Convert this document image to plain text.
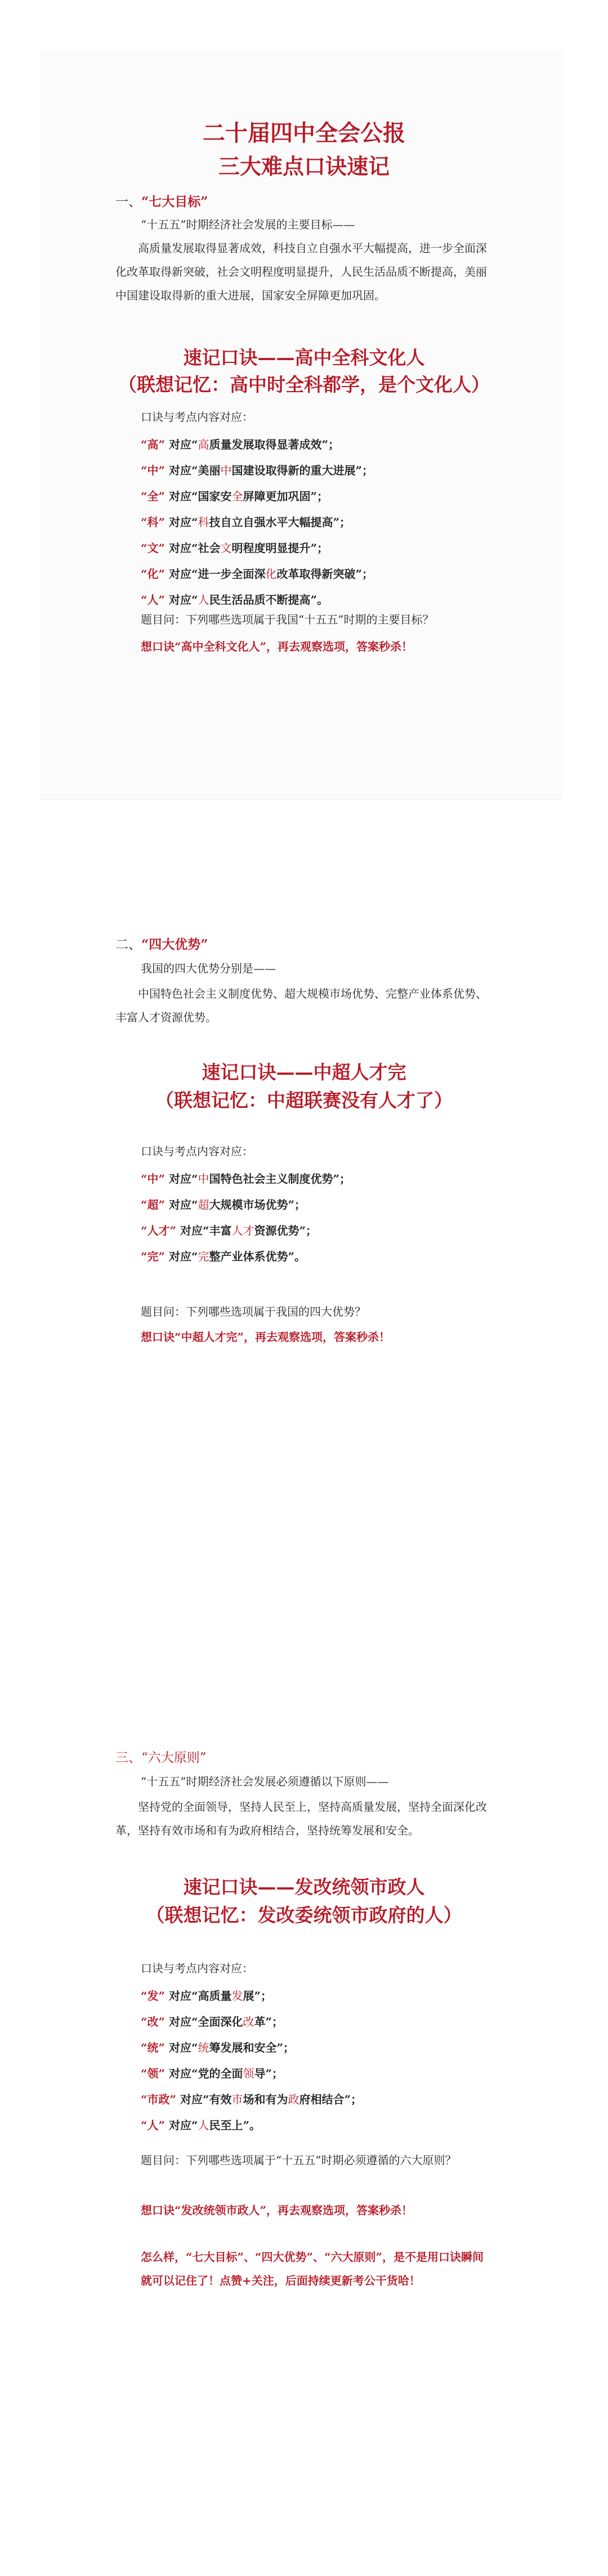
二十届四中全会公报
三大难点口诀速记
一、“七大目标”
“十五五”时期经济社会发展的主要目标——
高质量发展取得显著成效，科技自立自强水平大幅提高，进一步全面深化改革取得新突破，社会文明程度明显提升，人民生活品质不断提高，美丽中国建设取得新的重大进展，国家安全屏障更加巩固。
速记口诀——高中全科文化人
（联想记忆：高中时全科都学，是个文化人）
口诀与考点内容对应：
“高” 对应“高质量发展取得显著成效”；
“中” 对应“美丽中国建设取得新的重大进展”；
“全” 对应“国家安全屏障更加巩固”；
“科” 对应“科技自立自强水平大幅提高”；
“文” 对应“社会文明程度明显提升”；
“化” 对应“进一步全面深化改革取得新突破”；
“人” 对应“人民生活品质不断提高”。
题目问：下列哪些选项属于我国“十五五”时期的主要目标？
想口诀“高中全科文化人”，再去观察选项，答案秒杀！
二、“四大优势”
我国的四大优势分别是——
中国特色社会主义制度优势、超大规模市场优势、完整产业体系优势、丰富人才资源优势。
速记口诀——中超人才完
（联想记忆：中超联赛没有人才了）
口诀与考点内容对应：
“中” 对应“中国特色社会主义制度优势”；
“超” 对应“超大规模市场优势”；
“人才” 对应“丰富人才资源优势”；
“完” 对应“完整产业体系优势”。
题目问：下列哪些选项属于我国的四大优势？
想口诀“中超人才完”，再去观察选项，答案秒杀！
三、“六大原则”
“十五五”时期经济社会发展必须遵循以下原则——
坚持党的全面领导，坚持人民至上，坚持高质量发展，坚持全面深化改革，坚持有效市场和有为政府相结合，坚持统筹发展和安全。
速记口诀——发改统领市政人
（联想记忆：发改委统领市政府的人）
口诀与考点内容对应：
“发” 对应“高质量发展”；
“改” 对应“全面深化改革”；
“统” 对应“统筹发展和安全”；
“领” 对应“党的全面领导”；
“市政” 对应“有效市场和有为政府相结合”；
“人” 对应“人民至上”。
题目问：下列哪些选项属于“十五五”时期必须遵循的六大原则？
想口诀“发改统领市政人”，再去观察选项，答案秒杀！
怎么样，“七大目标”、“四大优势”、“六大原则”，是不是用口诀瞬间就可以记住了！点赞+关注，后面持续更新考公干货哈！
